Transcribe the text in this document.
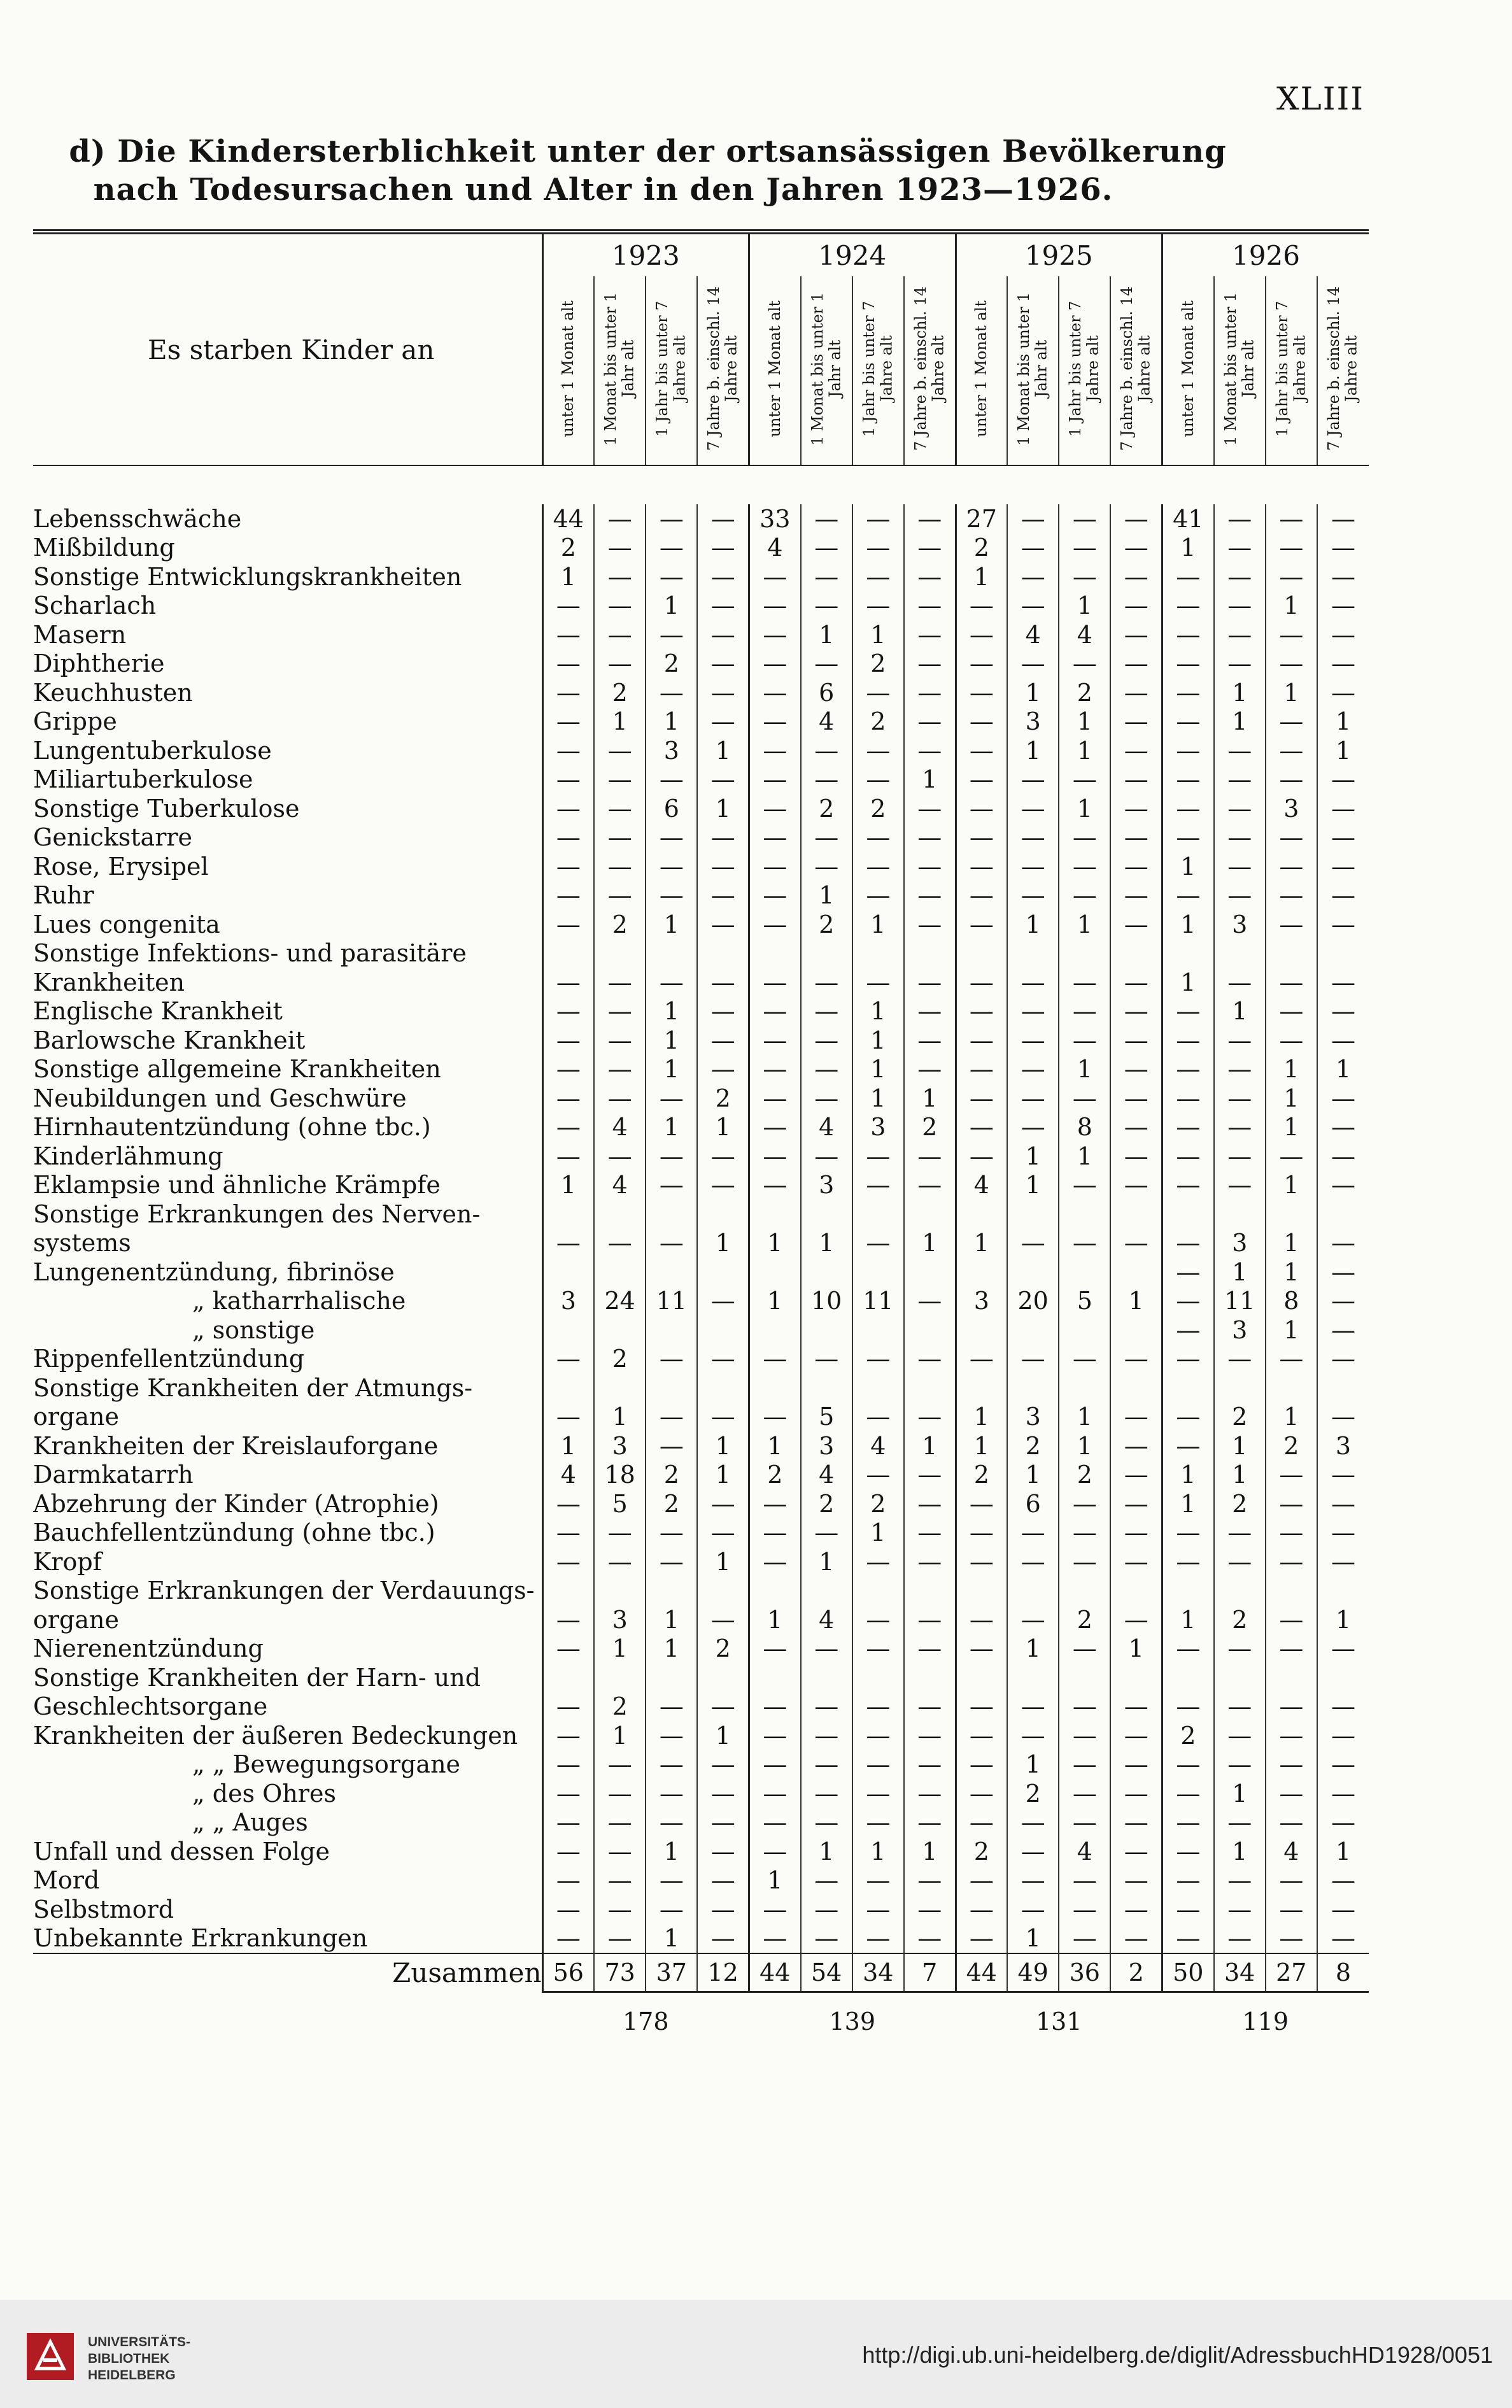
XLIII
d) Die Kindersterblichkeit unter der ortsansässigen Bevölkerung
nach Todesursachen und Alter in den Jahren 1923—1926.
Es starben Kinder an	1923				1924				1925				1926			
	unter 1 Monat alt	1 Monat bis unter 1 Jahr alt	1 Jahr bis unter 7 Jahre alt	7 Jahre b. einschl. 14 Jahre alt	unter 1 Monat alt	1 Monat bis unter 1 Jahr alt	1 Jahr bis unter 7 Jahre alt	7 Jahre b. einschl. 14 Jahre alt	unter 1 Monat alt	1 Monat bis unter 1 Jahr alt	1 Jahr bis unter 7 Jahre alt	7 Jahre b. einschl. 14 Jahre alt	unter 1 Monat alt	1 Monat bis unter 1 Jahr alt	1 Jahr bis unter 7 Jahre alt	7 Jahre b. einschl. 14 Jahre alt

Lebensschwäche	44	—	—	—	33	—	—	—	27	—	—	—	41	—	—	—
Mißbildung	2	—	—	—	4	—	—	—	2	—	—	—	1	—	—	—
Sonstige Entwicklungskrankheiten	1	—	—	—	—	—	—	—	1	—	—	—	—	—	—	—
Scharlach	—	—	1	—	—	—	—	—	—	—	1	—	—	—	1	—
Masern	—	—	—	—	—	1	1	—	—	4	4	—	—	—	—	—
Diphtherie	—	—	2	—	—	—	2	—	—	—	—	—	—	—	—	—
Keuchhusten	—	2	—	—	—	6	—	—	—	1	2	—	—	1	1	—
Grippe	—	1	1	—	—	4	2	—	—	3	1	—	—	1	—	1
Lungentuberkulose	—	—	3	1	—	—	—	—	—	1	1	—	—	—	—	1
Miliartuberkulose	—	—	—	—	—	—	—	1	—	—	—	—	—	—	—	—
Sonstige Tuberkulose	—	—	6	1	—	2	2	—	—	—	1	—	—	—	3	—
Genickstarre	—	—	—	—	—	—	—	—	—	—	—	—	—	—	—	—
Rose, Erysipel	—	—	—	—	—	—	—	—	—	—	—	—	1	—	—	—
Ruhr	—	—	—	—	—	1	—	—	—	—	—	—	—	—	—	—
Lues congenita	—	2	1	—	—	2	1	—	—	1	1	—	1	3	—	—
Sonstige Infektions- und parasitäre																
Krankheiten	—	—	—	—	—	—	—	—	—	—	—	—	1	—	—	—
Englische Krankheit	—	—	1	—	—	—	1	—	—	—	—	—	—	1	—	—
Barlowsche Krankheit	—	—	1	—	—	—	1	—	—	—	—	—	—	—	—	—
Sonstige allgemeine Krankheiten	—	—	1	—	—	—	1	—	—	—	1	—	—	—	1	1
Neubildungen und Geschwüre	—	—	—	2	—	—	1	1	—	—	—	—	—	—	1	—
Hirnhautentzündung (ohne tbc.)	—	4	1	1	—	4	3	2	—	—	8	—	—	—	1	—
Kinderlähmung	—	—	—	—	—	—	—	—	—	1	1	—	—	—	—	—
Eklampsie und ähnliche Krämpfe	1	4	—	—	—	3	—	—	4	1	—	—	—	—	1	—
Sonstige Erkrankungen des Nerven-																
systems	—	—	—	1	1	1	—	1	1	—	—	—	—	3	1	—
Lungenentzündung, fibrinöse													—	1	1	—
„ katharrhalische	3	24	11	—	1	10	11	—	3	20	5	1	—	11	8	—
„ sonstige													—	3	1	—
Rippenfellentzündung	—	2	—	—	—	—	—	—	—	—	—	—	—	—	—	—
Sonstige Krankheiten der Atmungs-																
organe	—	1	—	—	—	5	—	—	1	3	1	—	—	2	1	—
Krankheiten der Kreislauforgane	1	3	—	1	1	3	4	1	1	2	1	—	—	1	2	3
Darmkatarrh	4	18	2	1	2	4	—	—	2	1	2	—	1	1	—	—
Abzehrung der Kinder (Atrophie)	—	5	2	—	—	2	2	—	—	6	—	—	1	2	—	—
Bauchfellentzündung (ohne tbc.)	—	—	—	—	—	—	1	—	—	—	—	—	—	—	—	—
Kropf	—	—	—	1	—	1	—	—	—	—	—	—	—	—	—	—
Sonstige Erkrankungen der Verdauungs-																
organe	—	3	1	—	1	4	—	—	—	—	2	—	1	2	—	1
Nierenentzündung	—	1	1	2	—	—	—	—	—	1	—	1	—	—	—	—
Sonstige Krankheiten der Harn- und																
Geschlechtsorgane	—	2	—	—	—	—	—	—	—	—	—	—	—	—	—	—
Krankheiten der äußeren Bedeckungen	—	1	—	1	—	—	—	—	—	—	—	—	2	—	—	—
„ „ Bewegungsorgane	—	—	—	—	—	—	—	—	—	1	—	—	—	—	—	—
„ des Ohres	—	—	—	—	—	—	—	—	—	2	—	—	—	1	—	—
„ „ Auges	—	—	—	—	—	—	—	—	—	—	—	—	—	—	—	—
Unfall und dessen Folge	—	—	1	—	—	1	1	1	2	—	4	—	—	1	4	1
Mord	—	—	—	—	1	—	—	—	—	—	—	—	—	—	—	—
Selbstmord	—	—	—	—	—	—	—	—	—	—	—	—	—	—	—	—
Unbekannte Erkrankungen	—	—	1	—	—	—	—	—	—	1	—	—	—	—	—	—
Zusammen	56	73	37	12	44	54	34	7	44	49	36	2	50	34	27	8
	178				139				131				119			
UNIVERSITÄTS-
BIBLIOTHEK
HEIDELBERG
http://digi.ub.uni-heidelberg.de/diglit/AdressbuchHD1928/0051
